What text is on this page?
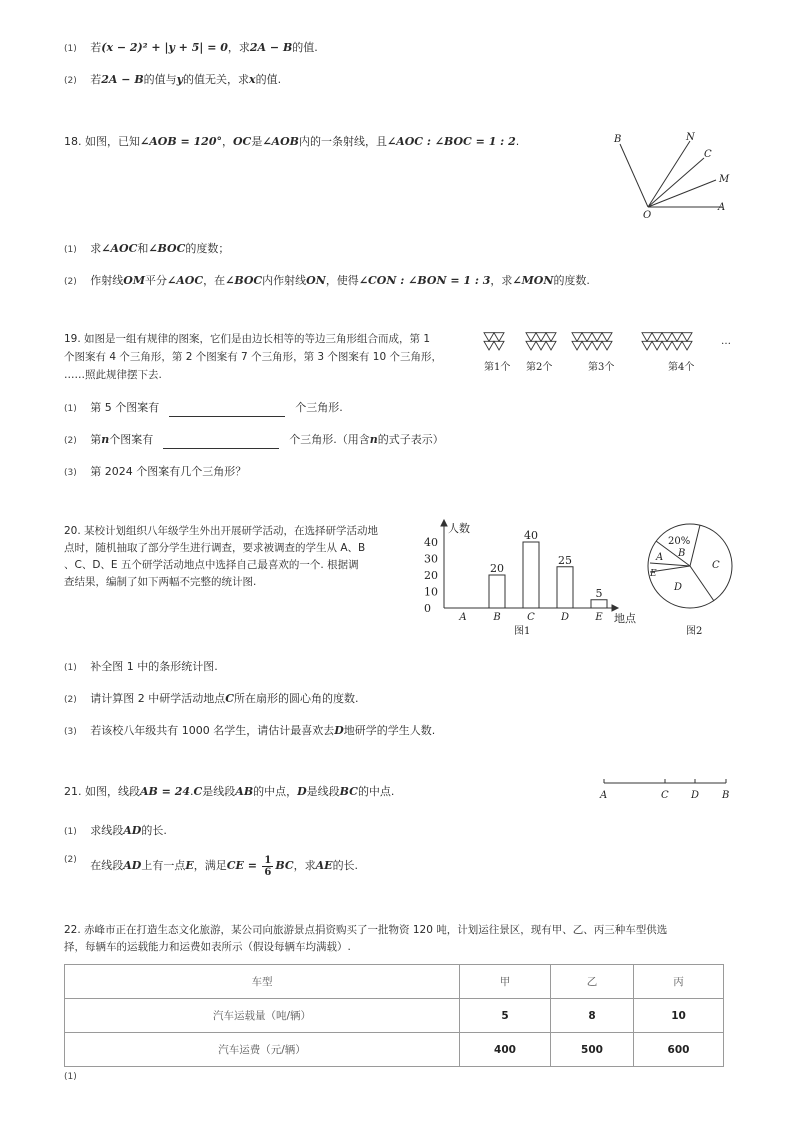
(1) 若(x − 2)² + |y + 5| = 0，求2A − B的值.
(2) 若2A − B的值与y的值无关，求x的值.
18. 如图，已知∠AOB = 120°，OC是∠AOB内的一条射线，且∠AOC : ∠BOC = 1 : 2.	B	N
C
M
O
A
(1) 求∠AOC和∠BOC的度数；
(2) 作射线OM平分∠AOC，在∠BOC内作射线ON，使得∠CON : ∠BON = 1 : 3，求∠MON的度数.
19. 如图是一组有规律的图案，它们是由边长相等的等边三角形组合而成，第 1
个图案有 4 个三角形，第 2 个图案有 7 个三角形，第 3 个图案有 10 个三角形，
……照此规律摆下去.
第1个 第2个	第3个	第4个
…
(1) 第 5 个图案有	个三角形.
(2) 第n个图案有	个三角形.（用含n的式子表示）
(3) 第 2024 个图案有几个三角形？
20. 某校计划组织八年级学生外出开展研学活动，在选择研学活动地
点时，随机抽取了部分学生进行调查，要求被调查的学生从 A、B
、C、D、E 五个研学活动地点中选择自己最喜欢的一个. 根据调
查结果，编制了如下两幅不完整的统计图.
人数
地点
图1
0
10
20
30
40
A
20
B
40
C
25
D
5
E
20%
B
C
D
A
E
图2
(1) 补全图 1 中的条形统计图.
(2) 请计算图 2 中研学活动地点C所在扇形的圆心角的度数.
(3) 若该校八年级共有 1000 名学生，请估计最喜欢去D地研学的学生人数.
21. 如图，线段AB = 24.C是线段AB的中点，D是线段BC的中点.	A	C D B
(1) 求线段AD的长.
$^{(2)}$ 在线段AD上有一点E，满足CE = $\frac{1}{6}$ BC，求AE的长.
22. 赤峰市正在打造生态文化旅游，某公司向旅游景点捐资购买了一批物资 120 吨，计划运往景区，现有甲、乙、丙三种车型供选
择，每辆车的运载能力和运费如表所示（假设每辆车均满载）.
车型	甲	乙	丙
汽车运载量（吨/辆）	5	8	10
汽车运费（元/辆）	400	500	600
(1)
